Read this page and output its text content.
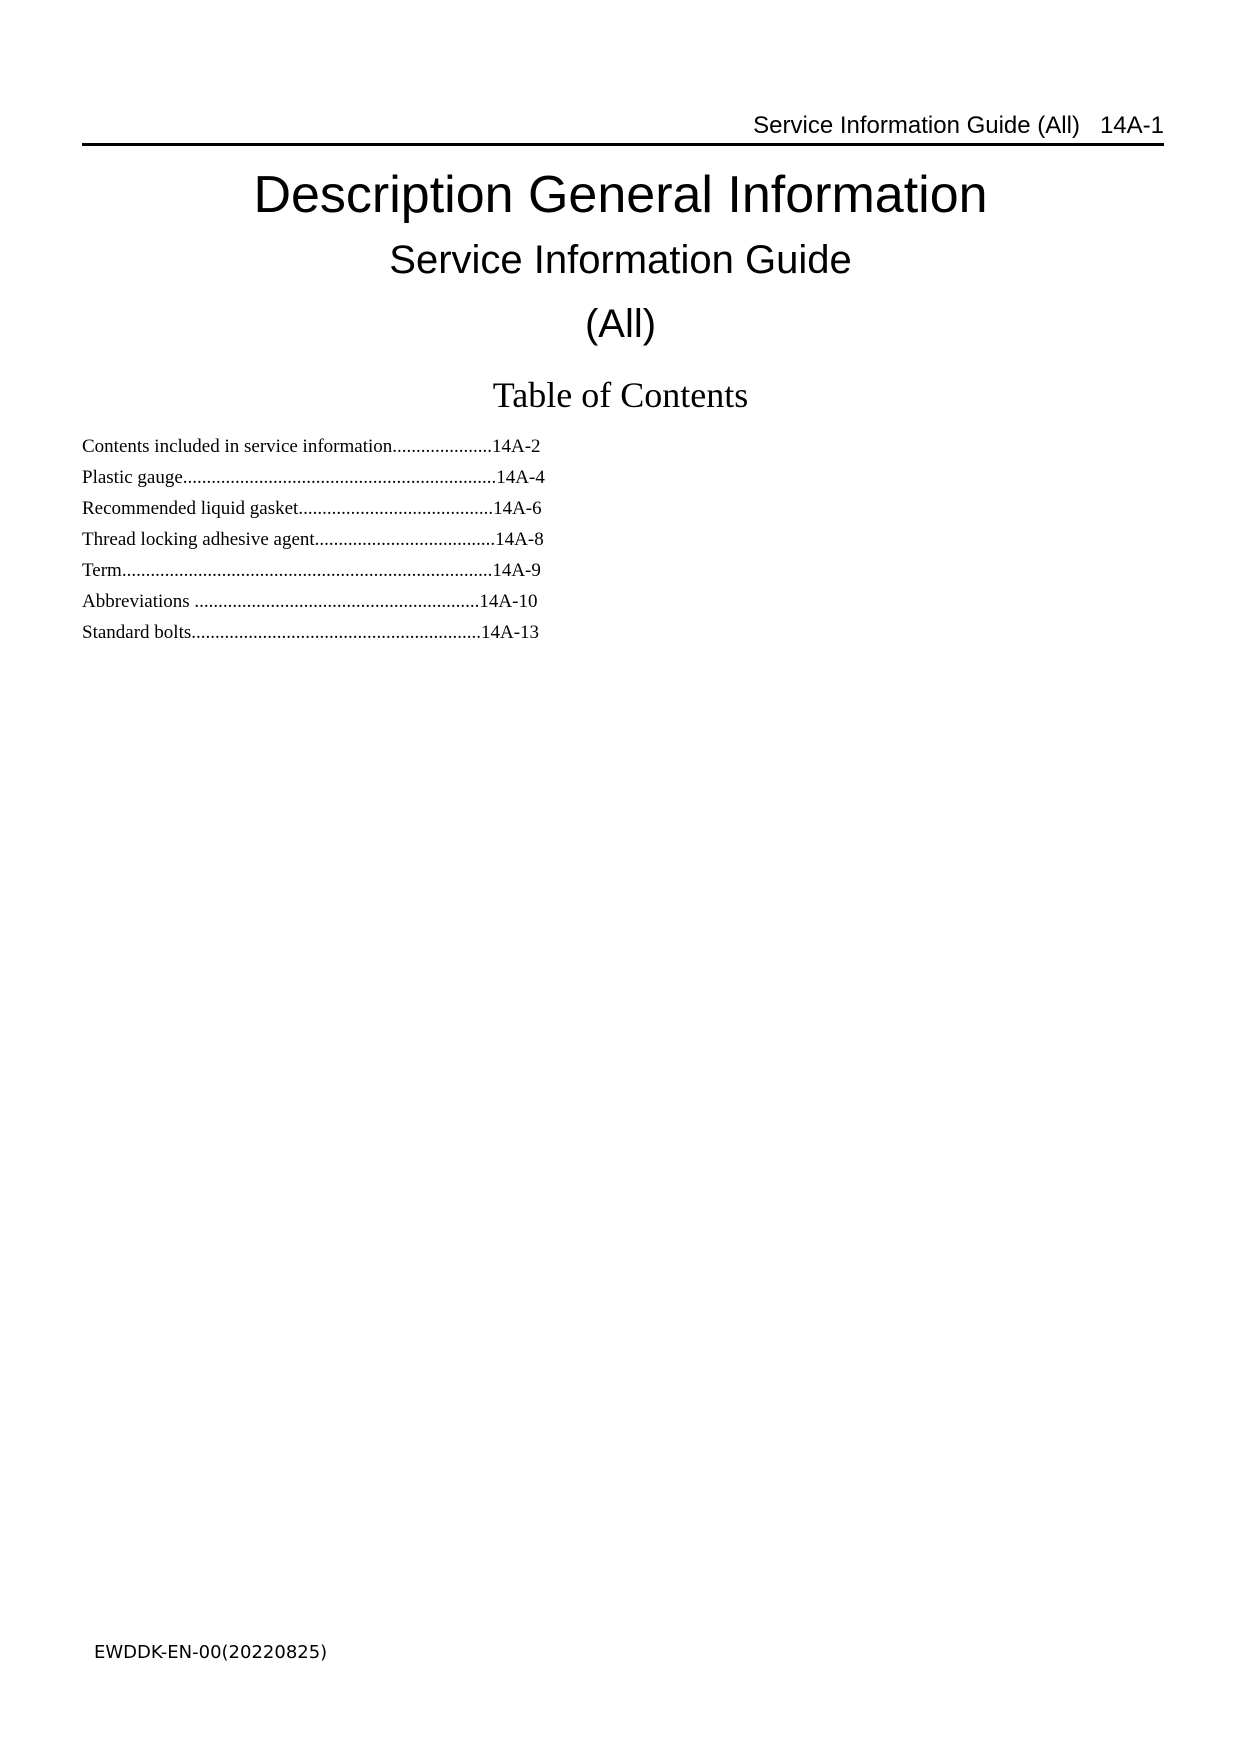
Service Information Guide (All)   14A-1
Description General Information
Service Information Guide
(All)
Table of Contents
Contents included in service information.....................14A-2
Plastic gauge..................................................................14A-4
Recommended liquid gasket.........................................14A-6
Thread locking adhesive agent......................................14A-8
Term..............................................................................14A-9
Abbreviations ............................................................14A-10
Standard bolts.............................................................14A-13
EWDDK-EN-00(20220825)
